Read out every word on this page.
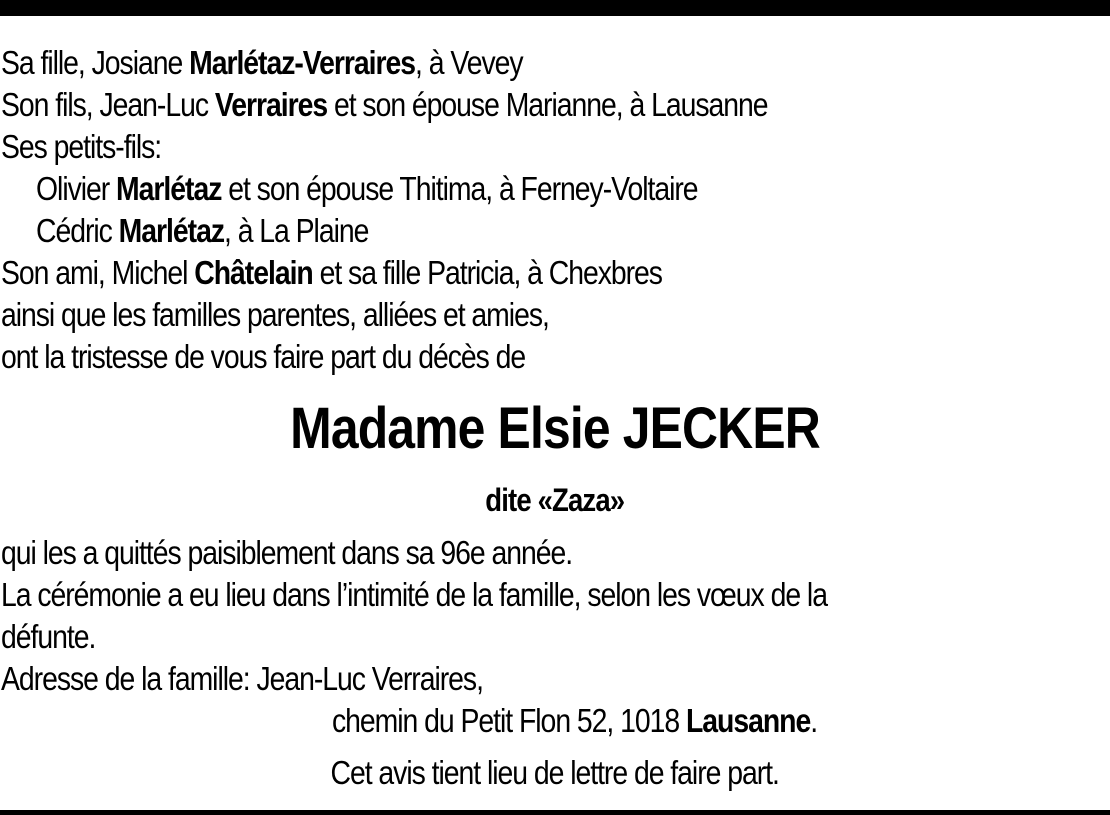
Sa fille, Josiane Marlétaz-Verraires, à Vevey
Son fils, Jean-Luc Verraires et son épouse Marianne, à Lausanne
Ses petits-fils:
Olivier Marlétaz et son épouse Thitima, à Ferney-Voltaire
Cédric Marlétaz, à La Plaine
Son ami, Michel Châtelain et sa fille Patricia, à Chexbres
ainsi que les familles parentes, alliées et amies,
ont la tristesse de vous faire part du décès de
Madame Elsie JECKER
dite «Zaza»
qui les a quittés paisiblement dans sa 96e année.
La cérémonie a eu lieu dans l’intimité de la famille, selon les vœux de la
défunte.
Adresse de la famille: Jean-Luc Verraires,
chemin du Petit Flon 52, 1018 Lausanne.
Cet avis tient lieu de lettre de faire part.
